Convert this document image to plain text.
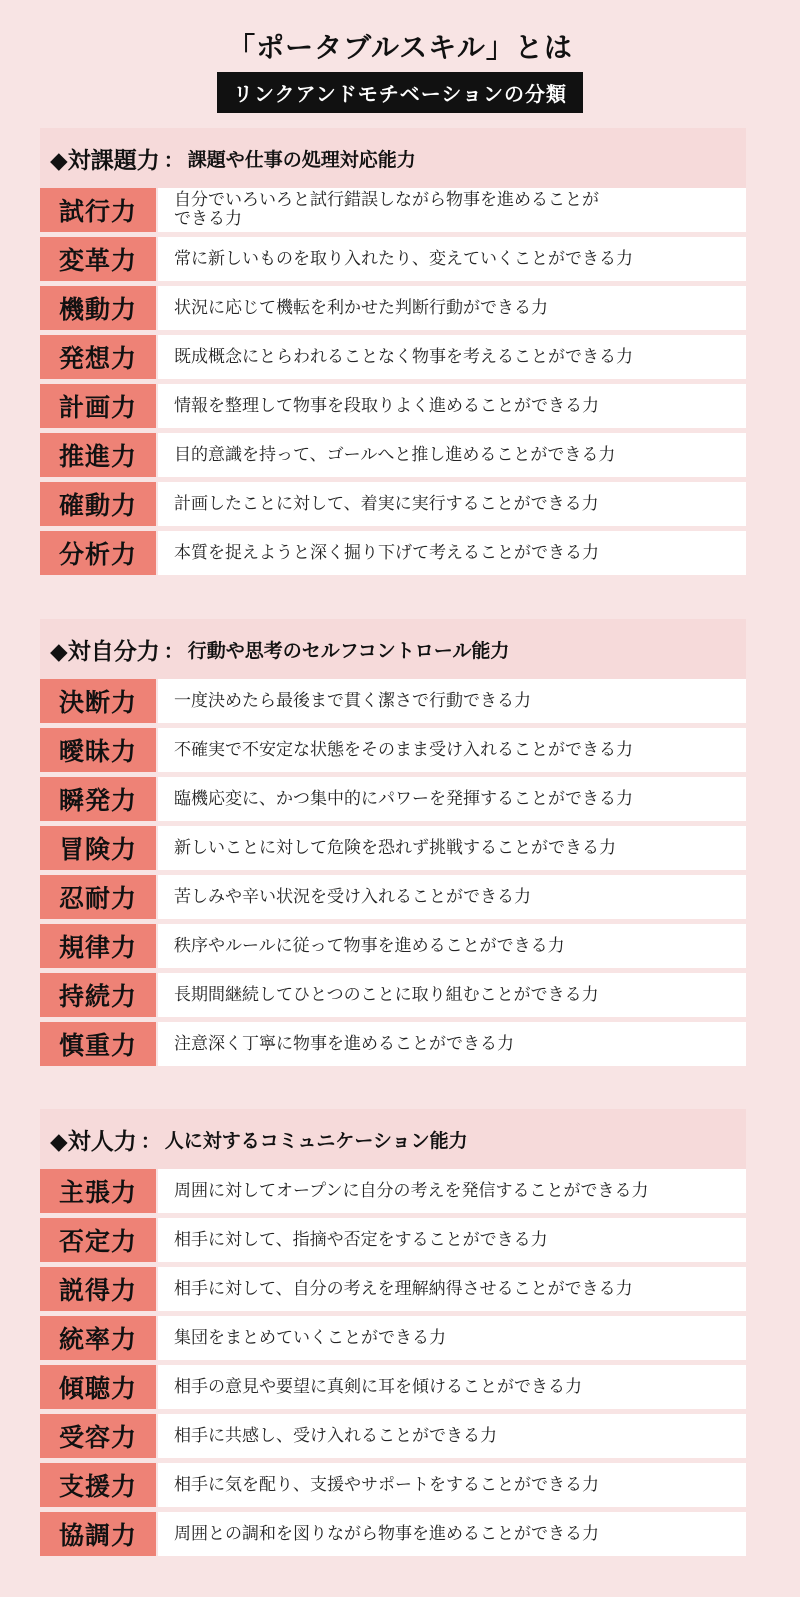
「ポータブルスキル」とは
リンクアンドモチベーションの分類
◆対課題力 ： 課題や仕事の処理対応能力
試行力	自分でいろいろと試行錯誤しながら物事を進めることが
できる力
変革力	常に新しいものを取り入れたり、変えていくことができる力
機動力	状況に応じて機転を利かせた判断行動ができる力
発想力	既成概念にとらわれることなく物事を考えることができる力
計画力	情報を整理して物事を段取りよく進めることができる力
推進力	目的意識を持って、ゴールへと推し進めることができる力
確動力	計画したことに対して、着実に実行することができる力
分析力	本質を捉えようと深く掘り下げて考えることができる力
◆対自分力 ： 行動や思考のセルフコントロール能力
決断力	一度決めたら最後まで貫く潔さで行動できる力
曖昧力	不確実で不安定な状態をそのまま受け入れることができる力
瞬発力	臨機応変に、かつ集中的にパワーを発揮することができる力
冒険力	新しいことに対して危険を恐れず挑戦することができる力
忍耐力	苦しみや辛い状況を受け入れることができる力
規律力	秩序やルールに従って物事を進めることができる力
持続力	長期間継続してひとつのことに取り組むことができる力
慎重力	注意深く丁寧に物事を進めることができる力
◆対人力 ： 人に対するコミュニケーション能力
主張力	周囲に対してオープンに自分の考えを発信することができる力
否定力	相手に対して、指摘や否定をすることができる力
説得力	相手に対して、自分の考えを理解納得させることができる力
統率力	集団をまとめていくことができる力
傾聴力	相手の意見や要望に真剣に耳を傾けることができる力
受容力	相手に共感し、受け入れることができる力
支援力	相手に気を配り、支援やサポートをすることができる力
協調力	周囲との調和を図りながら物事を進めることができる力
